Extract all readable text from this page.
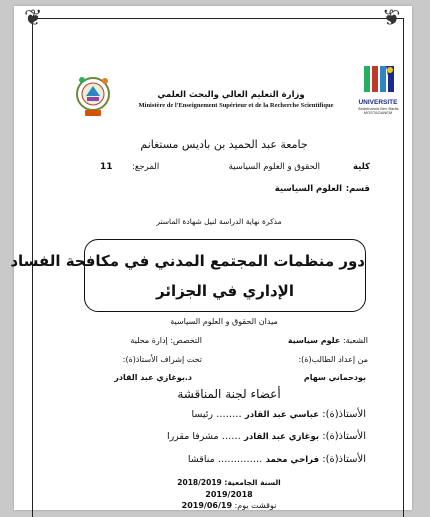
❦	❦
UNIVERSITE
Abdelhamid Ben Badis
MOSTAGANEM
وزارة التعليم العالي والبحث العلمي
Ministère de l'Enseignement Supérieur et de la Recherche Scientifique
جامعة عبد الحميد بن باديس مستغانم
كلية
الحقوق و العلوم السياسية
المرجع:
11
قسم:
العلوم السياسية
مذكرة نهاية الدراسة لنيل شهادة الماستر
دور منظمات المجتمع المدني في مكافحة الفساد
الإداري في الجزائر
ميدان الحقوق و العلوم السياسية
الشعبة: علوم سياسية
التخصص: إدارة محلية
من إعداد الطالب(ة):
تحت إشراف الأستاذ(ة):
بودحماني سهام
د.بوغازي عبد القادر
أعضاء لجنة المناقشة
الأستاذ(ة): عباسي عبد القادر ........ رئيسا
الأستاذ(ة): بوغازي عبد القادر ...... مشرفا مقررا
الأستاذ(ة): فراحي محمد .............. مناقشا
السنة الجامعية: 2018/2019
2019/2018
نوقشت يوم: 2019/06/19
